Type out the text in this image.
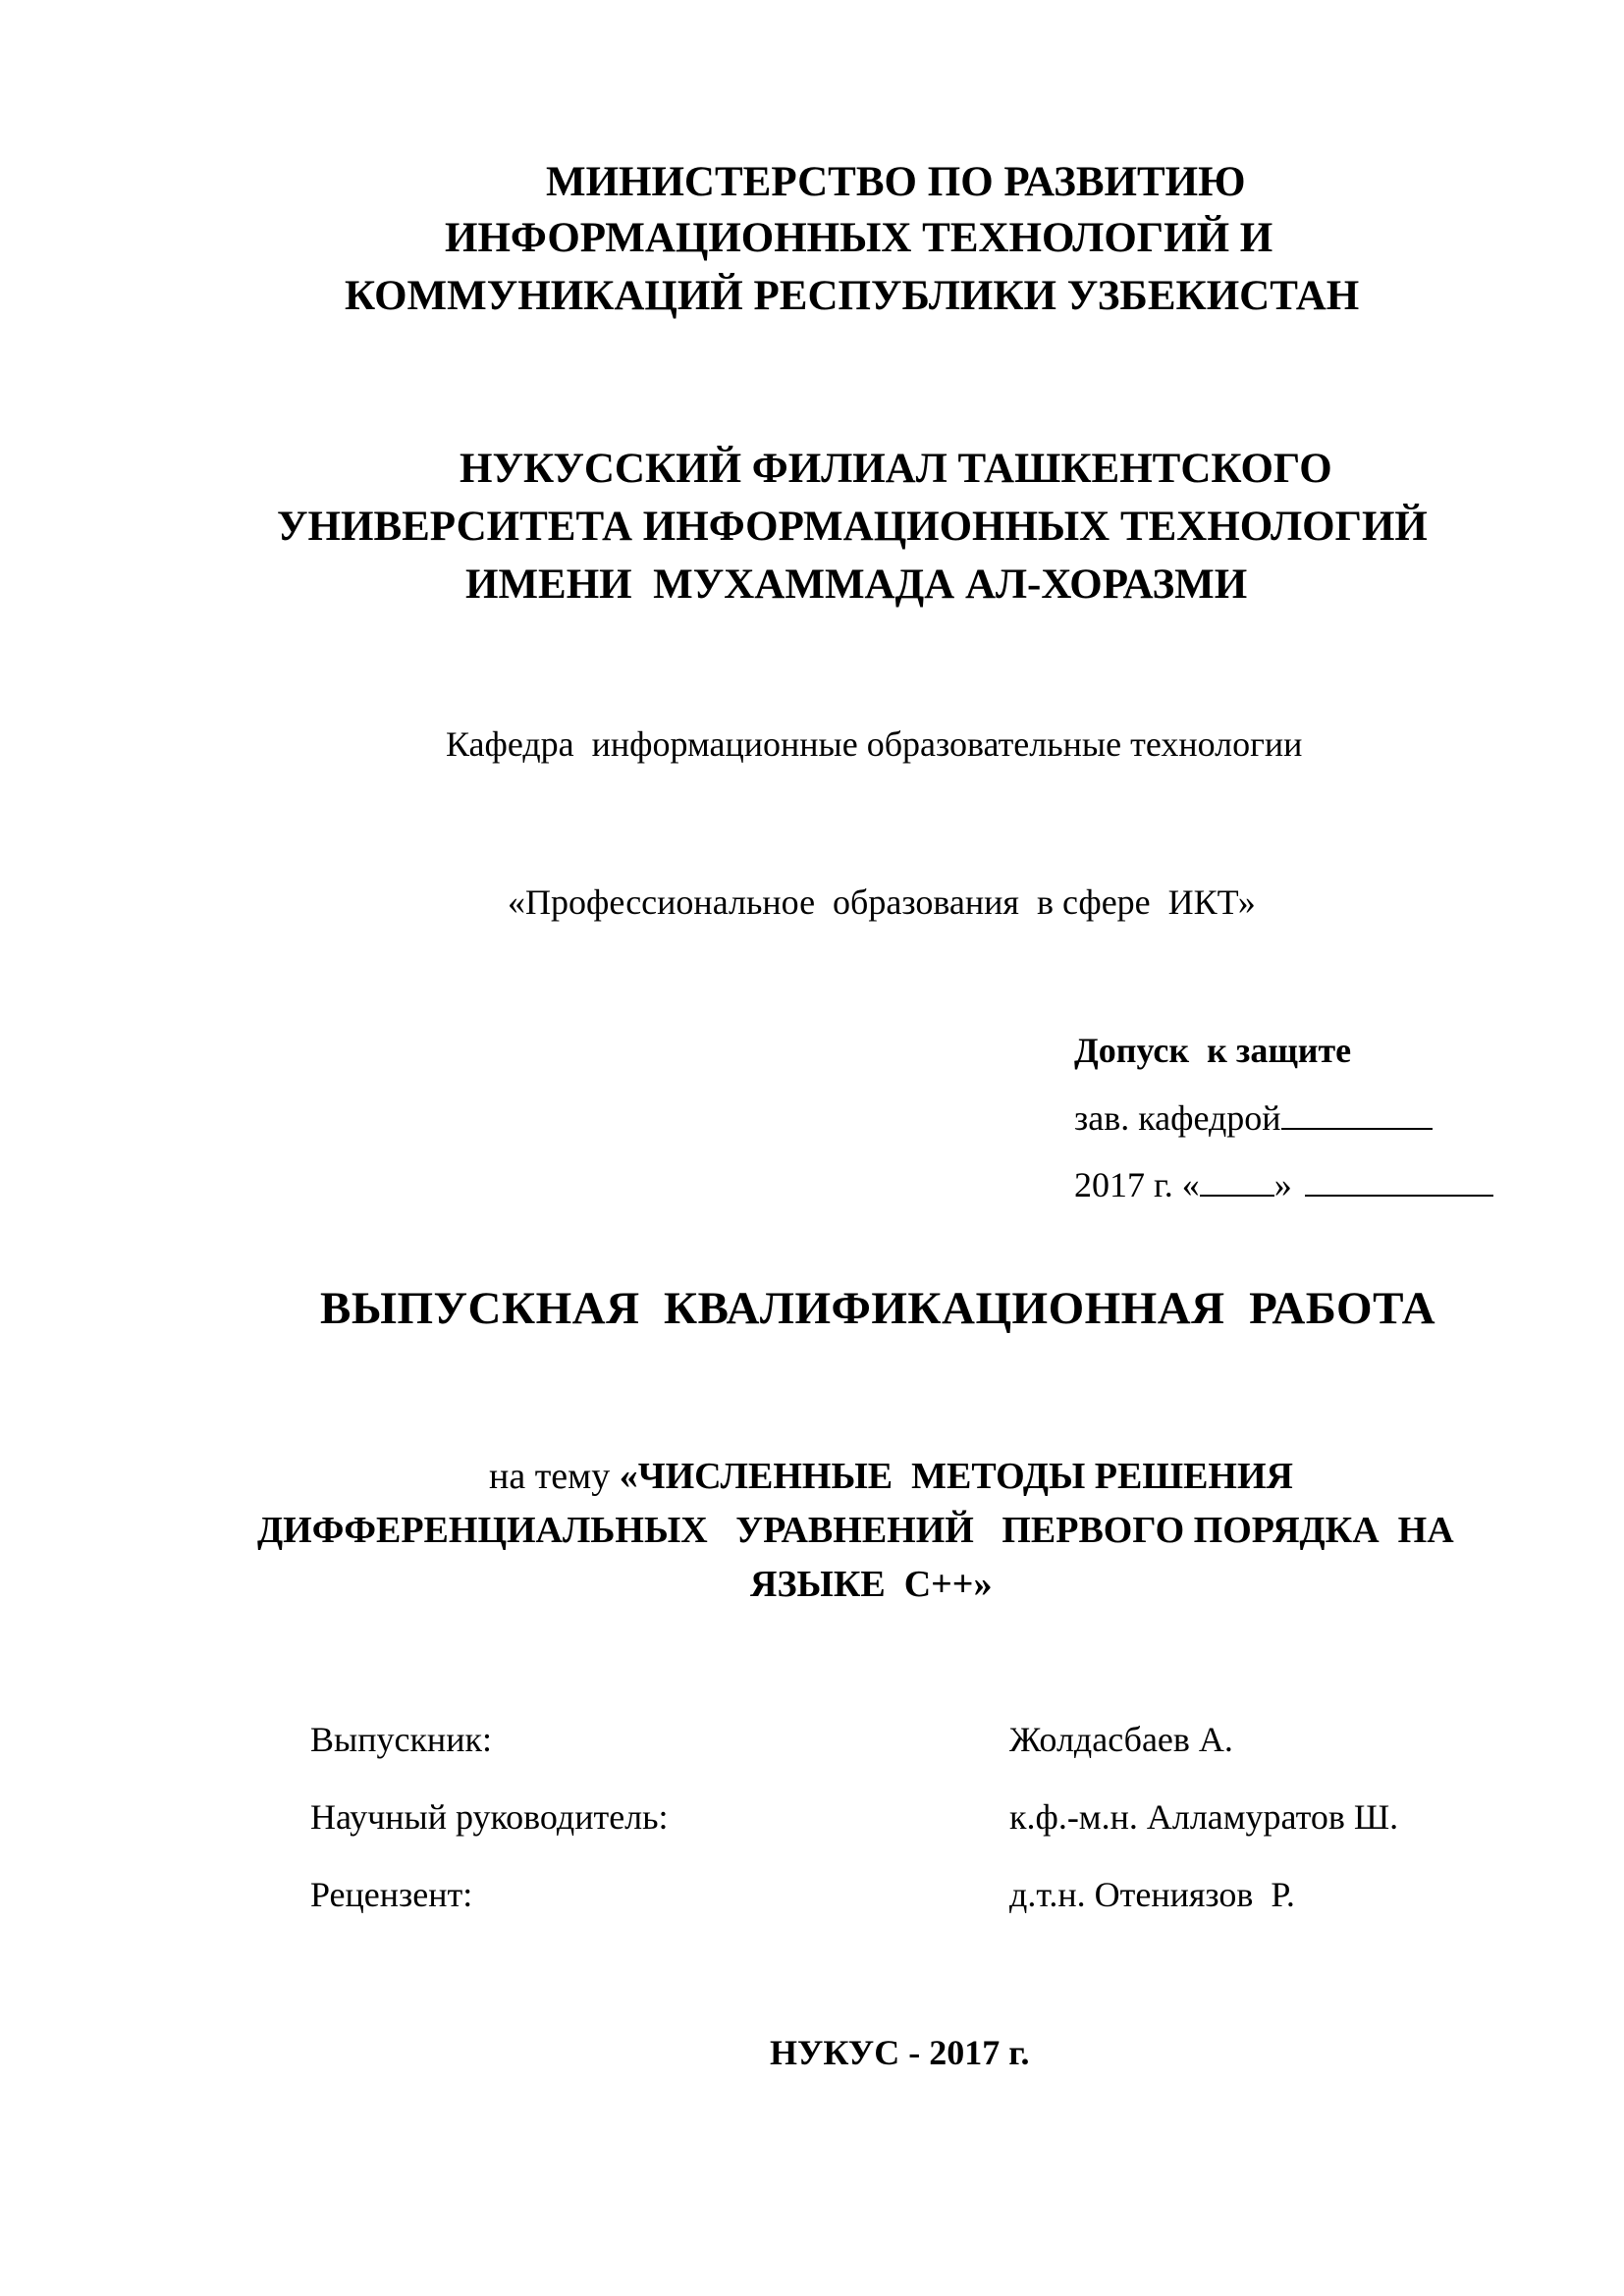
МИНИСТЕРСТВО ПО РАЗВИТИЮ
ИНФОРМАЦИОННЫХ ТЕХНОЛОГИЙ И
КОММУНИКАЦИЙ РЕСПУБЛИКИ УЗБЕКИСТАН
НУКУССКИЙ ФИЛИАЛ ТАШКЕНТСКОГО
УНИВЕРСИТЕТА ИНФОРМАЦИОННЫХ ТЕХНОЛОГИЙ
ИМЕНИ  МУХАММАДА АЛ-ХОРАЗМИ
Кафедра  информационные образовательные технологии
«Профессиональное  образования  в сфере  ИКТ»
Допуск  к защите
зав. кафедрой
2017 г. « »
ВЫПУСКНАЯ  КВАЛИФИКАЦИОННАЯ  РАБОТА
на тему «ЧИСЛЕННЫЕ  МЕТОДЫ РЕШЕНИЯ
ДИФФЕРЕНЦИАЛЬНЫХ   УРАВНЕНИЙ   ПЕРВОГО ПОРЯДКА  НА
ЯЗЫКЕ  С++»
Выпускник:	Жолдасбаев А.
Научный руководитель:	к.ф.-м.н. Алламуратов Ш.
Рецензент:	д.т.н. Отениязов  Р.
НУКУС - 2017 г.
